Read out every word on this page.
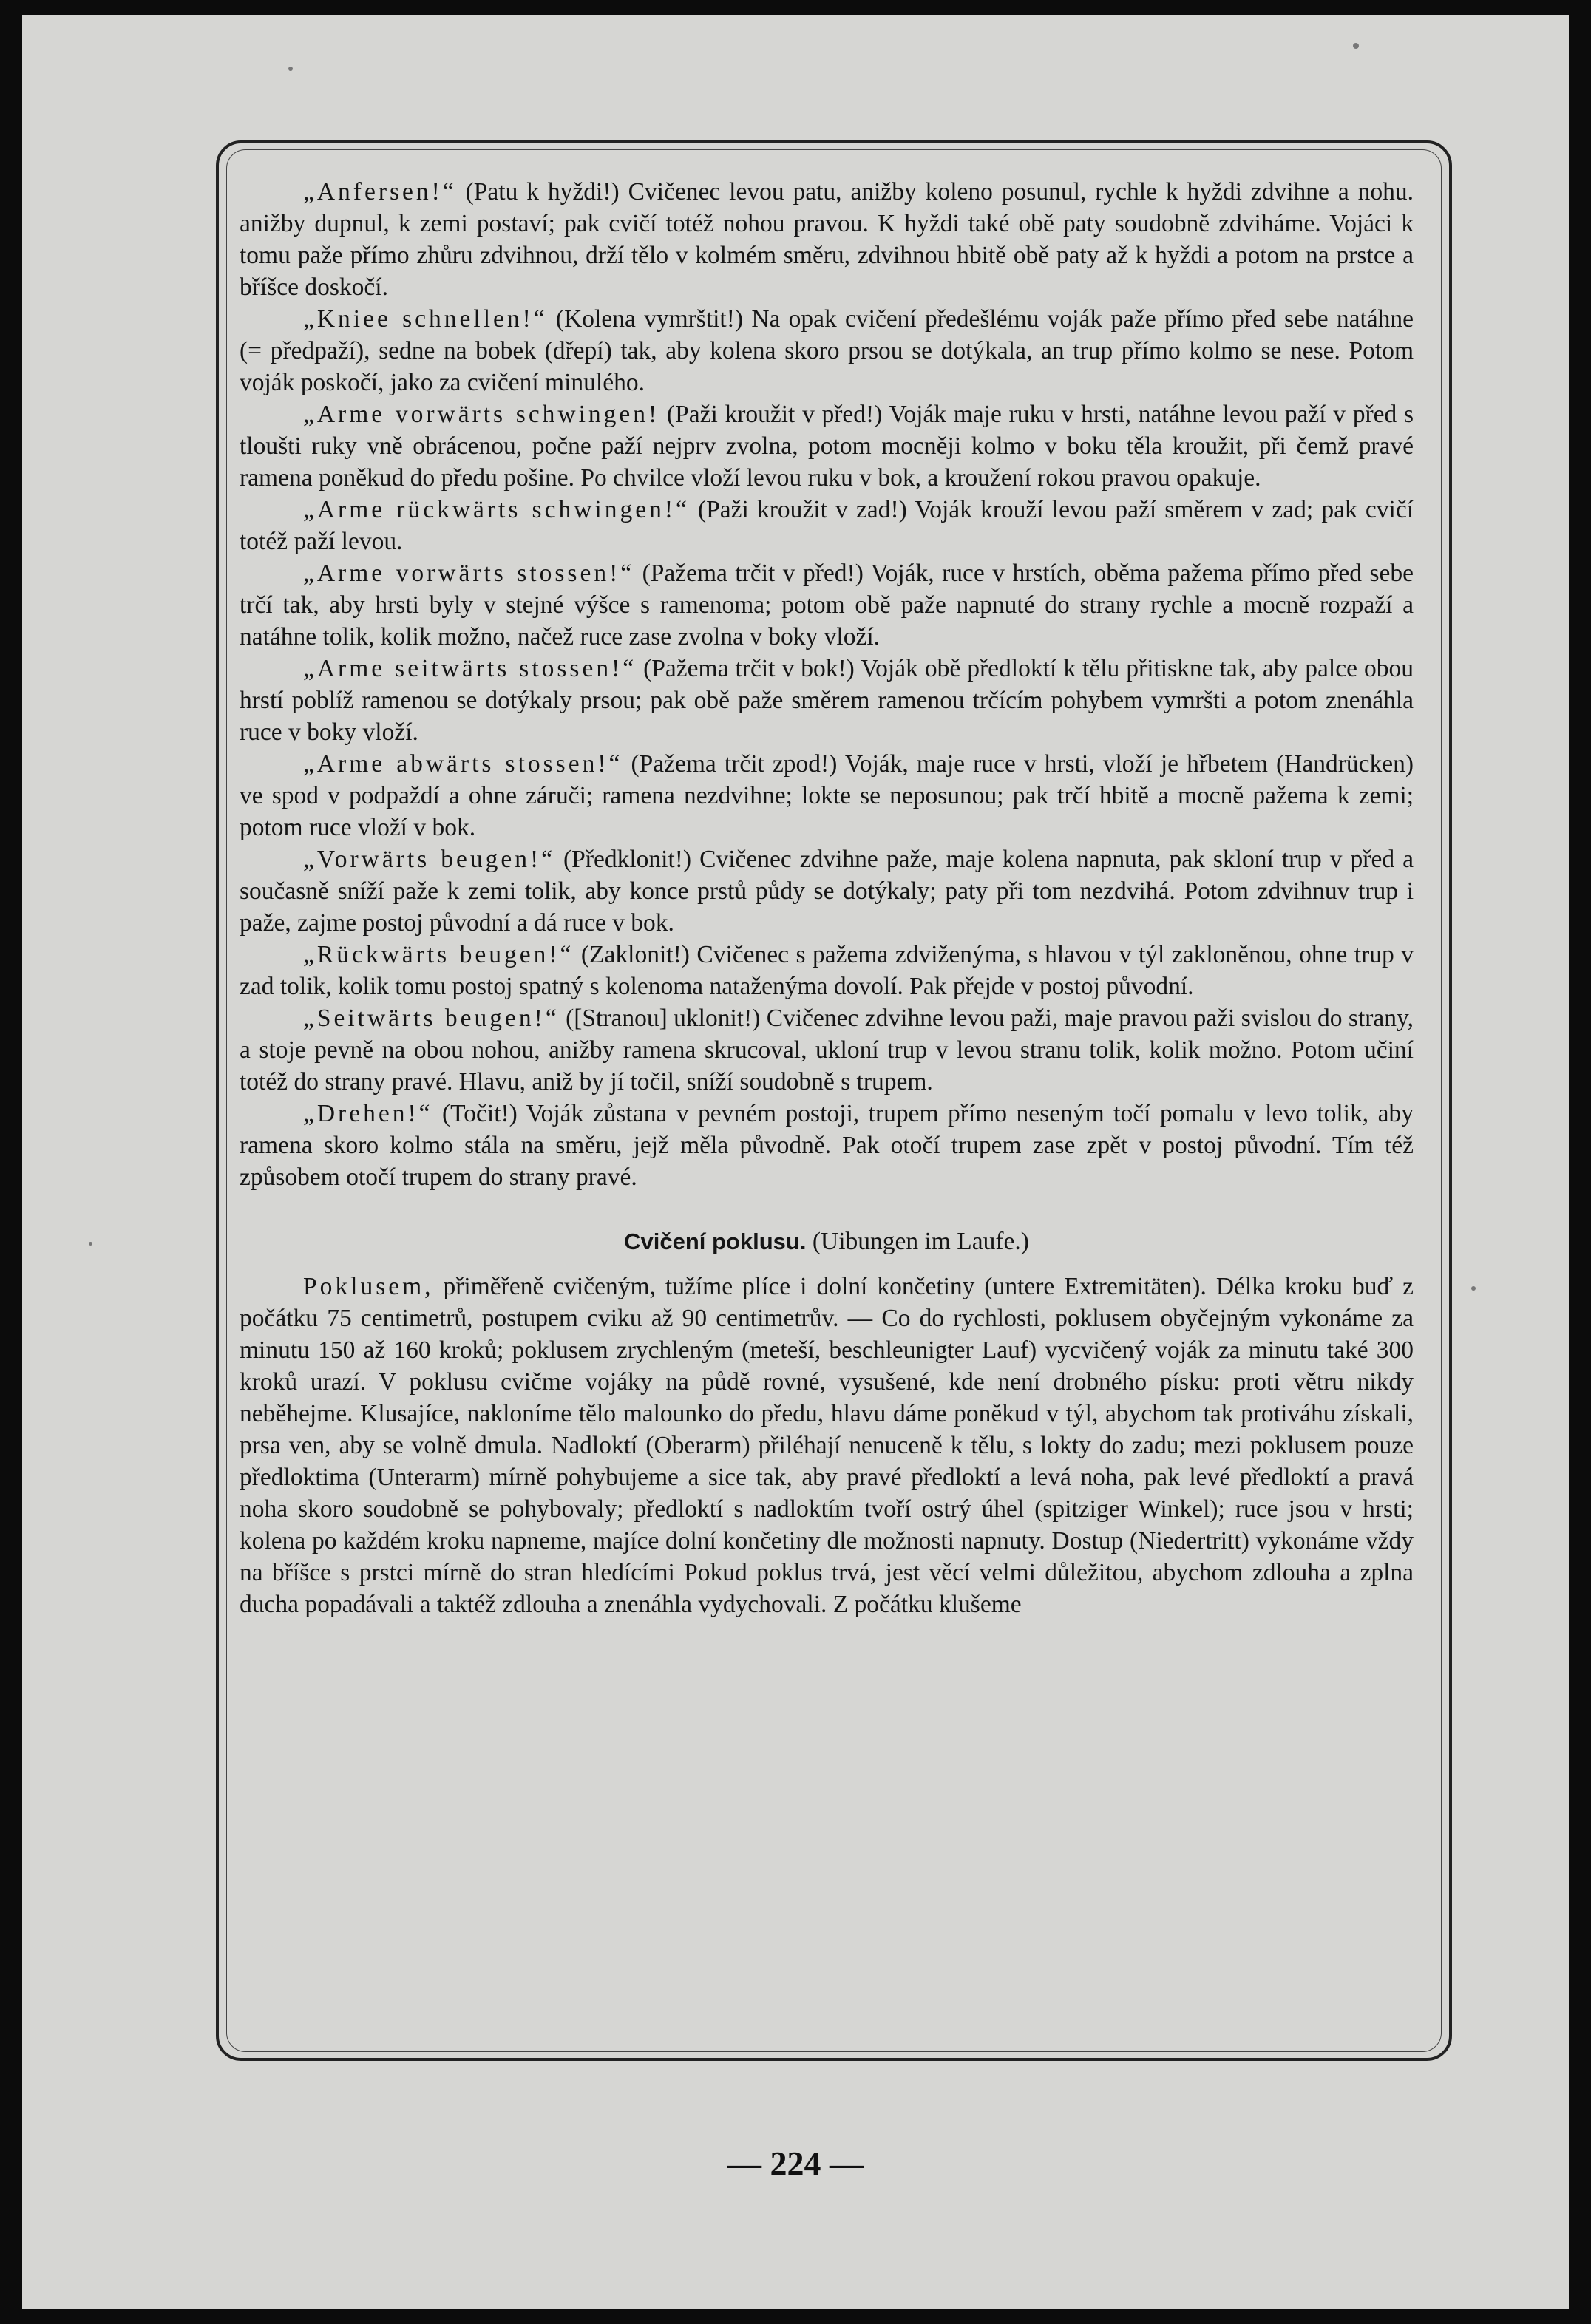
„Anfersen!“ (Patu k hyždi!) Cvičenec levou patu, anižby koleno posunul, rychle k hyždi zdvihne a nohu. anižby dupnul, k zemi postaví; pak cvičí totéž nohou pravou. K hyždi také obě paty soudobně zdviháme. Vojáci k tomu paže přímo zhůru zdvihnou, drží tělo v kolmém směru, zdvihnou hbitě obě paty až k hyždi a potom na prstce a bříšce doskočí.

„Kniee schnellen!“ (Kolena vymrštit!) Na opak cvičení předešlému voják paže přímo před sebe natáhne (= předpaží), sedne na bobek (dřepí) tak, aby kolena skoro prsou se dotýkala, an trup přímo kolmo se nese. Potom voják poskočí, jako za cvičení minulého.

„Arme vorwärts schwingen! (Paži kroužit v před!) Voják maje ruku v hrsti, natáhne levou paží v před s tloušti ruky vně obrácenou, počne paží nejprv zvolna, potom mocněji kolmo v boku těla kroužit, při čemž pravé ramena poněkud do předu pošine. Po chvilce vloží levou ruku v bok, a kroužení rokou pravou opakuje.

„Arme rückwärts schwingen!“ (Paži kroužit v zad!) Voják krouží levou paží směrem v zad; pak cvičí totéž paží levou.

„Arme vorwärts stossen!“ (Pažema trčit v před!) Voják, ruce v hrstích, oběma pažema přímo před sebe trčí tak, aby hrsti byly v stejné výšce s ramenoma; potom obě paže napnuté do strany rychle a mocně rozpaží a natáhne tolik, kolik možno, načež ruce zase zvolna v boky vloží.

„Arme seitwärts stossen!“ (Pažema trčit v bok!) Voják obě předloktí k tělu přitiskne tak, aby palce obou hrstí poblíž ramenou se dotýkaly prsou; pak obě paže směrem ramenou trčícím pohybem vymršti a potom znenáhla ruce v boky vloží.

„Arme abwärts stossen!“ (Pažema trčit zpod!) Voják, maje ruce v hrsti, vloží je hřbetem (Handrücken) ve spod v podpaždí a ohne záruči; ramena nezdvihne; lokte se neposunou; pak trčí hbitě a mocně pažema k zemi; potom ruce vloží v bok.

„Vorwärts beugen!“ (Předklonit!) Cvičenec zdvihne paže, maje kolena napnuta, pak skloní trup v před a současně sníží paže k zemi tolik, aby konce prstů půdy se dotýkaly; paty při tom nezdvihá. Potom zdvihnuv trup i paže, zajme postoj původní a dá ruce v bok.

„Rückwärts beugen!“ (Zaklonit!) Cvičenec s pažema zdviženýma, s hlavou v týl zakloněnou, ohne trup v zad tolik, kolik tomu postoj spatný s kolenoma nataženýma dovolí. Pak přejde v postoj původní.

„Seitwärts beugen!“ ([Stranou] uklonit!) Cvičenec zdvihne levou paži, maje pravou paži svislou do strany, a stoje pevně na obou nohou, anižby ramena skrucoval, ukloní trup v levou stranu tolik, kolik možno. Potom učiní totéž do strany pravé. Hlavu, aniž by jí točil, sníží soudobně s trupem.

„Drehen!“ (Točit!) Voják zůstana v pevném postoji, trupem přímo neseným točí pomalu v levo tolik, aby ramena skoro kolmo stála na směru, jejž měla původně. Pak otočí trupem zase zpět v postoj původní. Tím též způsobem otočí trupem do strany pravé.

Cvičení poklusu. (Uibungen im Laufe.)

Poklusem, přiměřeně cvičeným, tužíme plíce i dolní končetiny (untere Extremitäten). Délka kroku buď z počátku 75 centimetrů, postupem cviku až 90 centimetrův. — Co do rychlosti, poklusem obyčejným vykonáme za minutu 150 až 160 kroků; poklusem zrychleným (meteší, beschleunigter Lauf) vycvičený voják za minutu také 300 kroků urazí. V poklusu cvičme vojáky na půdě rovné, vysušené, kde není drobného písku: proti větru nikdy neběhejme. Klusajíce, nakloníme tělo malounko do předu, hlavu dáme poněkud v týl, abychom tak protiváhu získali, prsa ven, aby se volně dmula. Nadloktí (Oberarm) přiléhají nenuceně k tělu, s lokty do zadu; mezi poklusem pouze předloktima (Unterarm) mírně pohybujeme a sice tak, aby pravé předloktí a levá noha, pak levé předloktí a pravá noha skoro soudobně se pohybovaly; předloktí s nadloktím tvoří ostrý úhel (spitziger Winkel); ruce jsou v hrsti; kolena po každém kroku napneme, majíce dolní končetiny dle možnosti napnuty. Dostup (Niedertritt) vykonáme vždy na bříšce s prstci mírně do stran hledícími Pokud poklus trvá, jest věcí velmi důležitou, abychom zdlouha a zplna ducha popadávali a taktéž zdlouha a znenáhla vydychovali. Z počátku klušeme

— 224 —
